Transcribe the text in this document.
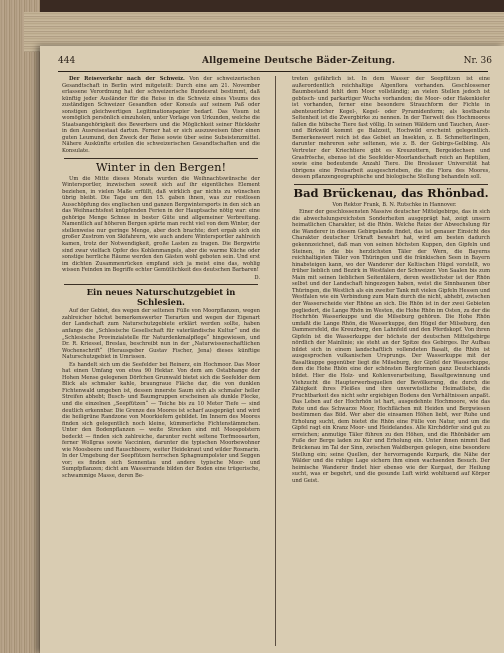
444	Allgemeine Deutsche Bäder-Zeitung.	Nr. 36

Der Reiseverkehr nach der Schweiz. Von der schweizerischen Gesandtschaft in Berlin wird mitgeteilt: Durch eine am 21. November erlassene Verordnung hat der schweizerische Bundesrat bestimmt, daß künftig jeder Ausländer für die Reise in die Schweiz eines Visums des zuständigen Schweizer Gesandten oder Konsuls auf seinem Paß oder sonstigen gleichwertigen Legitimationspapier bedarf. Das Visum ist womöglich persönlich einzuholen, unter Vorlage von Urkunden, welche die Staatsangehörigkeit des Bewerbers und die Möglichkeit seiner Rückkehr in den Ausreisestaat dartun. Ferner hat er sich auszuweisen über einen guten Leumund, den Zweck der Reise sowie über seine Subsistenzmittel. Nähere Auskünfte erteilen die schweizerischen Gesandtschaften und die Konsulate.

Winter in den Bergen!

Um die Mitte dieses Monats wurden die Weihnachtswünsche der Wintersportler, inzwischen soweit sich auf ihr eigentliches Element beziehen, in vielen Maße erfüllt, daß wirklich gar nichts zu wünschen übrig bleibt. Die Tage um den 15. gaben ihnen, was zur restlosen Ausschöpfung des englischen und ganzen Bergwintersports in den sich an das Weihnachtsfest knüpfenden Ferien in der Hauptsache nötig war: eine gehörige Menge Schnee in bester Güte und allgemeiner Verbreitung. Namentlich auf höheren Bergen spürte man recht viel von dem Winter, der stellenweise nur geringe Menge, aber doch brachte; dort ergab sich ein großer Zustrom von Skifahrern, wie auch andere Wintersportler zahlreich kamen, trotz der Notwendigkeit, große Lasten zu tragen. Die Bergwirte sind zwar vielfach Opfer des Kohlenmangels, aber die warme Küche oder sonstige herrliche Räume werden den Gästen wohl geboten sein. Und erst im dichten Zusammenrücken empfand sich ja meist eine das, wohlig wissen Feinden im Begriffe echter Gemütlichkeit des deutschen Barbaren!

D.

Ein neues Naturschutzgebiet in Schlesien.

Auf der Gebiet, des wegen der seltenen Fülle von Moorpflanzen, wegen zahlreicher höchst bemerkenswerter Tierarten und wegen der Eigenart der Landschaft zum Naturschutzgebiete erklärt werden sollte, haben anfangs die „Schlesische Gesellschaft für vaterländische Kultur“ und die „Schlesische Provinzialstelle für Naturdenkmalpflege“ hingewiesen, und Dr. R. Kriessel, Breslau, beschreibt nun in der „Naturwissenschaftlichen Wochenschrift“ (Herausgeber Gustav Fischer, Jena) dieses künftige Naturschutzgebiet in Umrissen.

Es handelt sich um die Seefelder bei Reinerz, ein Hochmoor. Das Moor hat einen Umfang von etwa 90 Hektar. Von dem am Ostabhange der Hohen Mense gelegenen Dörfchen Grunwald bietet sich die Seefelder dem Blick als schmaler kahle, braungraue Fläche dar, die von dunklen Fichtenwald umgeben ist, dessen innerste Saum sich als schmaler heller Streifen abhebt; Busch- und Baumgruppen erscheinen als dunkle Flecke, und die einzelnen „Seepfützen“ — Teiche bis zu 10 Meter Tiefe — sind deutlich erkennbar. Die Grenze des Moores ist scharf ausgeprägt und wird die heiligrüne Randzone von Moorkiefern gebildet. Im Innern des Moores finden sich gelegentlich noch kleine, kümmerliche Fichtenstämmchen. Unter den Bodenpflanzen — weite Strecken sind mit Moospolstern bedeckt — finden sich zahlreiche, darunter recht seltene Torfmoosarten, ferner Wollgras sowie Vaccinien, darunter die typischen Moorbewohner wie Moosbeere und Rauschbeere, weiter Heidekraut und wilder Rosmarin. In der Umgebung der Seepfützen herrschen Sphagnumpolster und Seggen vor; es finden sich Sonnentau und andere typische Moor- und Sumpfpflanzen; dicht am Wasserrande bilden der Boden eine trügerische, schwammige Masse, deren Be-

treten gefährlich ist. In dem Wasser der Seepfützen ist eine außerordentlich reichhaltige Algenflora vorhanden. Geschlossener Baumbestand fehlt dem Moor vollständig; an vielen Stellen jedoch ist gebüsch- und parkartiger Wuchs vorhanden; die Moor- oder Hakenkiefer ist vorhanden, ferner eine besondere Strauchform der Fichte in abenteuerlicher Kegel-, Kegel- oder Pyramidenform; als kostbarste Seltenheit ist die Zwergbirke zu nennen. In der Tierwelt des Hochmoores fallen die hübsche Tiere fast völlig. In seinen Wäldern und Tauchen, Auer- und Birkwild kommt ge Balzzeit, Hochwild erscheint gelegentlich. Bemerkenswert reich ist das Gebiet an Insekten, z. B. Schmetterlingen, darunter mehreren sehr seltenen, wie z. B. der Gebirgs-Gelbling. Als Vertreter der Kriechtiere gibt es Kreuzottern, Bergeidechsen und Grasfrösche, ebenso ist die Seefelder-Moorlandschaft reich an Reptilien, sowie eine bedeutende Anzahl Tiere. Die Breslauer Universität hat übrigens eine Preisarbeit ausgeschrieben, die die Flora des Moores, dessen pflanzengeographische und biologische Stellung behandeln soll.

Bad Brückenau, das Rhönbad.

Von Rektor Frank, B. N. Rutschke in Hannover.

Einer der geschlossensten Massive deutscher Mittelgebirge, das in sich die abwechslungsreichsten Sonderheiten ausgeprägt hat, zeigt unsern heimatlichen Charakter, ist die Rhön. Welche Reize der Abwechslung für die Wanderer in diesem Gebirgslande findet, das ist genauer Einsicht des Charakter deutscher Urkraft bewahrt hat, wird am besten dadurch gekennzeichnet, daß man von seinen höchsten Kuppen, den Gipfeln und Steinen, in die bis herzlichsten Täler der Wern, die Bayerns reichhaltigsten Täler von Thüringen und die fränkischen Seen in Bayern hinabsteigen kann, wo der Wanderer der Keltischen Hügel vorstellt, wo früher lieblich und Bezirk in Westfalen der Schweizer. Von Saalen bis zum Main mit seinen lieblichen Seitentälern, deren westlichster ist der Rhön selbst und der Landschaft hingezogen haben, weist die Sinnbaunen über Thüringen, die Westlich als ein zweiter Tank mit vielen Gipfeln Hessen und Westfalen wie ein Verbindung zum Main durch die nicht, abhebt, zwischen der Wasserscheide vier Rhöne an sich. Die Rhön ist in der zwei Gebieten gegliedert, die Lange Rhön im Westen, die Hohe Rhön im Osten, zu der die Hochrhön Wasserkuppe und die Milseburg gehören. Die Hohe Rhön umfaßt die Lange Rhön, die Wasserkuppe, den Hügel der Milseburg, den Dammersfeld, die Kreuzberg, den Lahnfeld und den Pferdskopf. Von ihren Gipfeln ist die Wasserkuppe der höchste der deutschen Mittelgebirge nördlich der Mainlinie; sie steht an der Spitze des Gebirges. Ihr Aufbau bildet sich in einem landschaftlich vollendeten Basalt, die Rhön ist ausgesprochen vulkanischen Ursprungs. Der Wasserkuppe mit der Basaltkuppe gegenüber liegt die Milseburg, der Gipfel der Wasserkuppe, dem die Hohe Rhön eine der schönsten Bergformen ganz Deutschlands bildet. Hier die Holz- und Kohlenverarbeitung, Basaltgewinnung und Viehzucht die Haupterwerbsquellen der Bevölkerung, die durch die Zähigkeit ihres Fleißes und ihre unverwüstliche Heimatliebe, die Fruchtbarkeit des nicht sehr ergiebigen Bodens den Verhältnissen anpaßt. Das Leben auf der Hochrhön ist hart, ausgedehnte Hochmoore, wie das Rote und das Schwarze Moor, Hochflächen mit Heiden und Bergwiesen bestimmen das Bild. Wer aber die einsamen Höhen liebt, wer Ruhe und Erholung sucht, dem bietet die Rhön eine Fülle von Natur, und um die Gipfel ragt ein Kranz Moor- und Heidelandes. Alle Kirchdörfer sind gut zu erreichen; anmutige Täler führen zu den Höhen, und die Rhönbäder am Fuße der Berge laden zu Kur und Erholung ein. Unter ihnen nimmt Bad Brückenau im Tal der Sinn, zwischen Waldbergen gelegen, eine besondere Stellung ein; seine Quellen, der hervorragende Kurpark, die Nähe der Wälder und die ruhige Lage sichern ihm einen wachsenden Besuch. Der heimische Wanderer findet hier ebenso wie der Kurgast, der Heilung sucht, was er begehrt, und die gesunde Luft wirkt wohltuend auf Körper und Geist.
